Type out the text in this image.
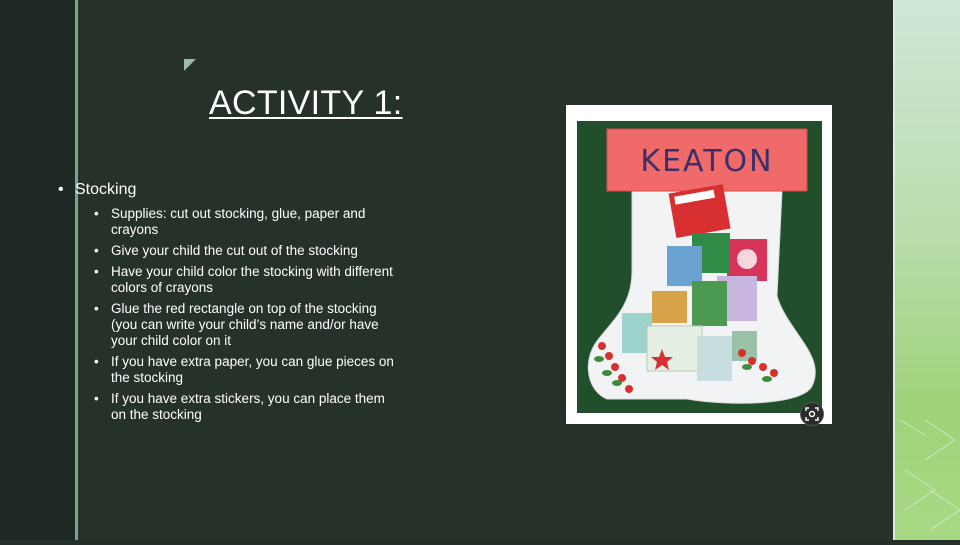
ACTIVITY 1:
• Stocking
• Supplies: cut out stocking, glue, paper and crayons
• Give your child the cut out of the stocking
• Have your child color the stocking with different colors of crayons
• Glue the red rectangle on top of the stocking (you can write your child’s name and/or have your child color on it
• If you have extra paper, you can glue pieces on the stocking
• If you have extra stickers, you can place them on the stocking
KEATON
